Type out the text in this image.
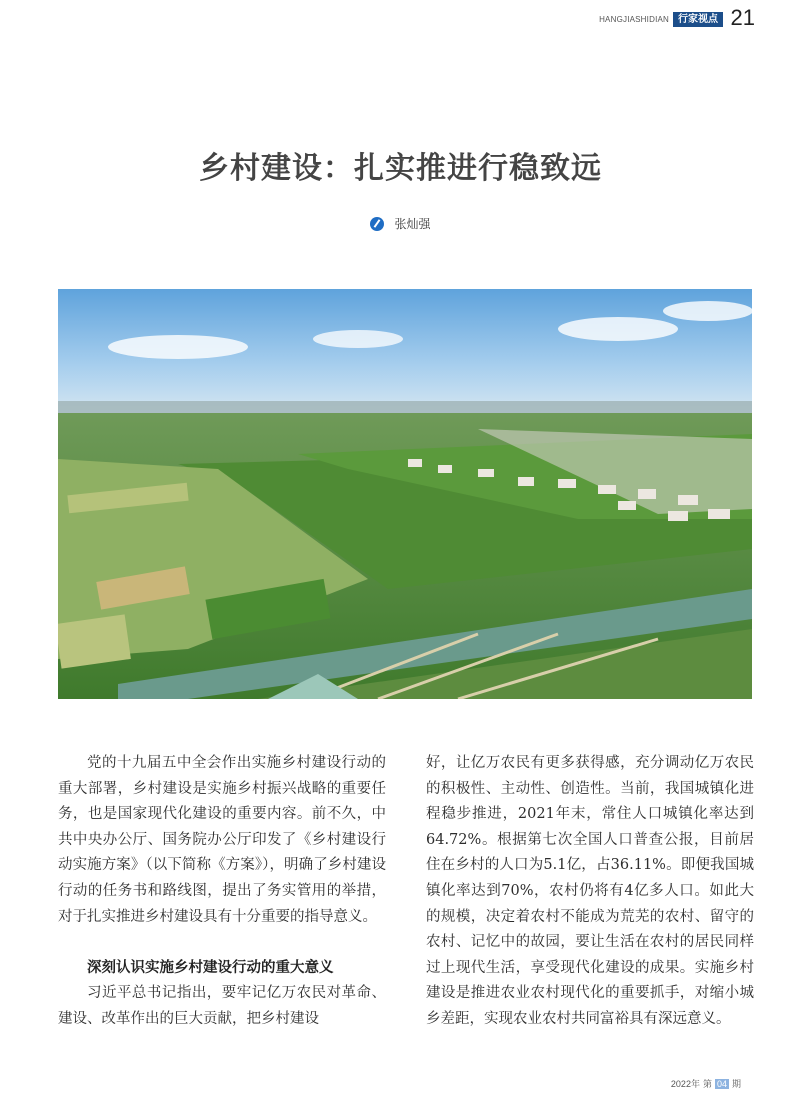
HANGJIASHIDIAN 行家视点 21
乡村建设：扎实推进行稳致远
张灿强

党的十九届五中全会作出实施乡村建设行动的重大部署，乡村建设是实施乡村振兴战略的重要任务，也是国家现代化建设的重要内容。前不久，中共中央办公厅、国务院办公厅印发了《乡村建设行动实施方案》（以下简称《方案》），明确了乡村建设行动的任务书和路线图，提出了务实管用的举措，对于扎实推进乡村建设具有十分重要的指导意义。

深刻认识实施乡村建设行动的重大意义

习近平总书记指出，要牢记亿万农民对革命、建设、改革作出的巨大贡献，把乡村建设

好，让亿万农民有更多获得感，充分调动亿万农民的积极性、主动性、创造性。当前，我国城镇化进程稳步推进，2021年末，常住人口城镇化率达到64.72%。根据第七次全国人口普查公报，目前居住在乡村的人口为5.1亿，占36.11%。即便我国城镇化率达到70%，农村仍将有4亿多人口。如此大的规模，决定着农村不能成为荒芜的农村、留守的农村、记忆中的故园，要让生活在农村的居民同样过上现代生活，享受现代化建设的成果。实施乡村建设是推进农业农村现代化的重要抓手，对缩小城乡差距，实现农业农村共同富裕具有深远意义。

2022年 第 04 期
